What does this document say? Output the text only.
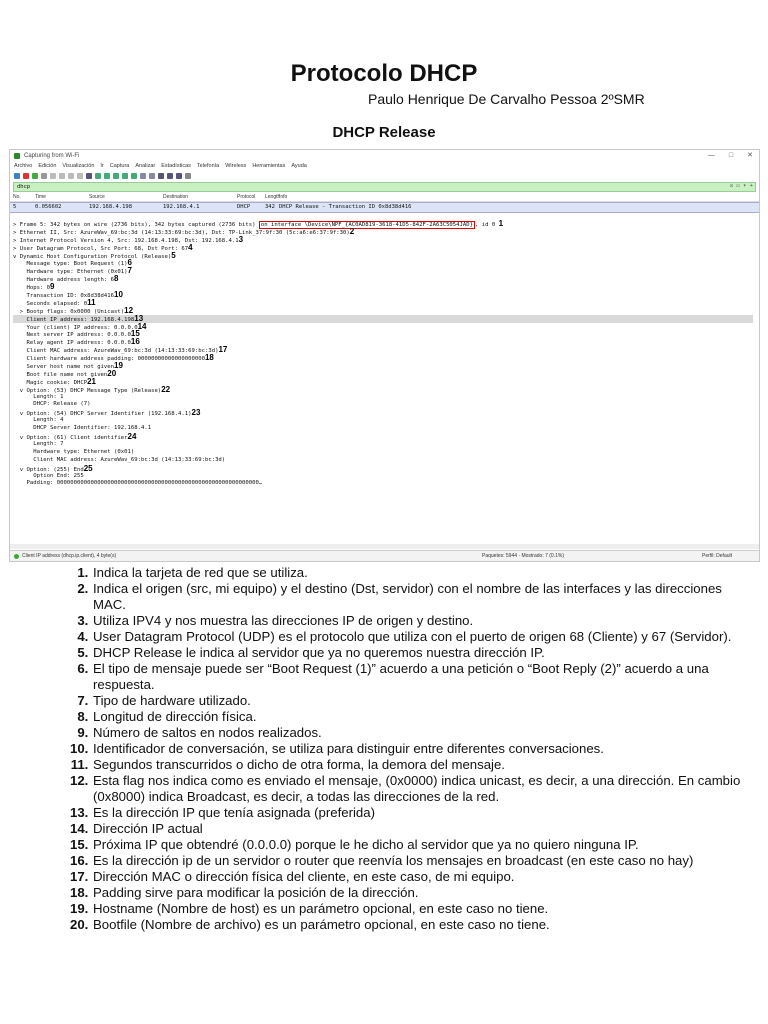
Protocolo DHCP
Paulo Henrique De Carvalho Pessoa 2ºSMR
DHCP Release
Capturing from Wi-Fi	— □ ✕
Archivo Edición Visualización Ir Captura Analizar Estadísticas Telefonía Wireless Herramientas Ayuda
dhcp	☒ ▭ ▾ +
No.	Time	Source	Destination	Protocol	Length
Info
5	0.056602	192.168.4.198	192.168.4.1	DHCP	342 DHCP Release - Transaction ID 0x8d38d416
> Frame 5: 342 bytes on wire (2736 bits), 342 bytes captured (2736 bits) on interface \Device\NPF_{AC0AD819-3618-41D5-842F-2A63C5054JAD} , id 0 1
> Ethernet II, Src: AzureWav_69:bc:3d (14:13:33:69:bc:3d), Dst: TP-Link_37:9f:30 (5c:a6:e6:37:9f:30)2
> Internet Protocol Version 4, Src: 192.168.4.198, Dst: 192.168.4.13
> User Datagram Protocol, Src Port: 68, Dst Port: 674
v Dynamic Host Configuration Protocol (Release)5
Message type: Boot Request (1)6
Hardware type: Ethernet (0x01)7
Hardware address length: 68
Hops: 09
Transaction ID: 0x8d38d41610
Seconds elapsed: 011
> Bootp flags: 0x0000 (Unicast)12
Client IP address: 192.168.4.19813
Your (client) IP address: 0.0.0.014
Next server IP address: 0.0.0.015
Relay agent IP address: 0.0.0.016
Client MAC address: AzureWav_69:bc:3d (14:13:33:69:bc:3d)17
Client hardware address padding: 0000000000000000000018
Server host name not given19
Boot file name not given20
Magic cookie: DHCP21
v Option: (53) DHCP Message Type (Release)22
Length: 1
DHCP: Release (7)
v Option: (54) DHCP Server Identifier (192.168.4.1)23
Length: 4
DHCP Server Identifier: 192.168.4.1
v Option: (61) Client identifier24
Length: 7
Hardware type: Ethernet (0x01)
Client MAC address: AzureWav_69:bc:3d (14:13:33:69:bc:3d)
v Option: (255) End25
Option End: 255
Padding: 000000000000000000000000000000000000000000000000000000000000…
Client IP address (dhcp.ip.client), 4 byte(s)	Paquetes: 5944 · Mostrado: 7 (0.1%)	Perfil: Default
1. Indica la tarjeta de red que se utiliza.
2. Indica el origen (src, mi equipo) y el destino (Dst, servidor) con el nombre de las interfaces y las direcciones MAC.
3. Utiliza IPV4 y nos muestra las direcciones IP de origen y destino.
4. User Datagram Protocol (UDP) es el protocolo que utiliza con el puerto de origen 68 (Cliente) y 67 (Servidor).
5. DHCP Release le indica al servidor que ya no queremos nuestra dirección IP.
6. El tipo de mensaje puede ser “Boot Request (1)” acuerdo a una petición o “Boot Reply (2)” acuerdo a una respuesta.
7. Tipo de hardware utilizado.
8. Longitud de dirección física.
9. Número de saltos en nodos realizados.
10. Identificador de conversación, se utiliza para distinguir entre diferentes conversaciones.
11. Segundos transcurridos o dicho de otra forma, la demora del mensaje.
12. Esta flag nos indica como es enviado el mensaje, (0x0000) indica unicast, es decir, a una dirección. En cambio (0x8000) indica Broadcast, es decir, a todas las direcciones de la red.
13. Es la dirección IP que tenía asignada (preferida)
14. Dirección IP actual
15. Próxima IP que obtendré (0.0.0.0) porque le he dicho al servidor que ya no quiero ninguna IP.
16. Es la dirección ip de un servidor o router que reenvía los mensajes en broadcast (en este caso no hay)
17. Dirección MAC o dirección física del cliente, en este caso, de mi equipo.
18. Padding sirve para modificar la posición de la dirección.
19. Hostname (Nombre de host) es un parámetro opcional, en este caso no tiene.
20. Bootfile (Nombre de archivo) es un parámetro opcional, en este caso no tiene.
